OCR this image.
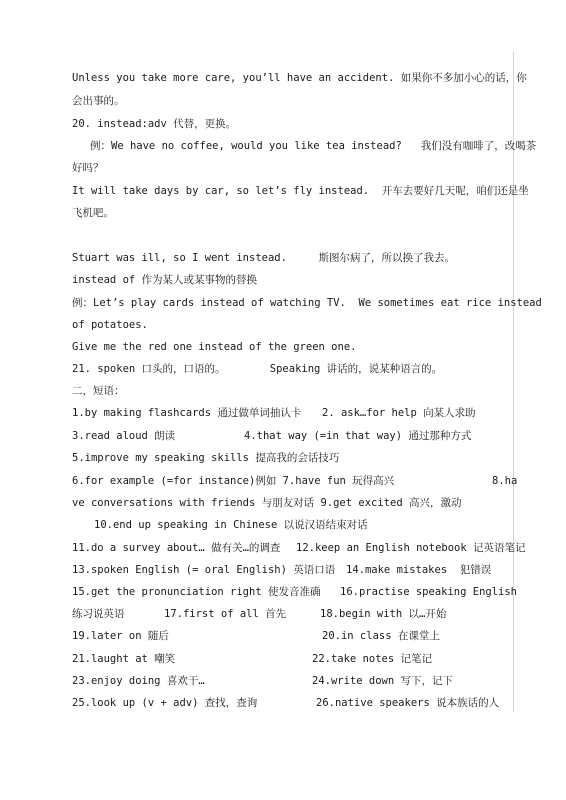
Unless you take more care, you’ll have an accident. 如果你不多加小心的话，你
会出事的。
20. instead:adv 代替，更换。
例：We have no coffee, would you like tea instead?   我们没有咖啡了，改喝茶
好吗？
It will take days by car, so let’s fly instead.  开车去要好几天呢，咱们还是坐
飞机吧。
Stuart was ill, so I went instead.     斯图尔病了，所以换了我去。
instead of 作为某人或某事物的替换
例：Let’s play cards instead of watching TV.  We sometimes eat rice instead
of potatoes.
Give me the red one instead of the green one.
21. spoken 口头的，口语的。       Speaking 讲话的，说某种语言的。
二，短语：
1.by making flashcards 通过做单词抽认卡 2. ask…for help 向某人求助
3.read aloud 朗读	4.that way (=in that way) 通过那种方式
5.improve my speaking skills 提高我的会话技巧
6.for example (=for instance)例如 7.have fun 玩得高兴	8.ha
ve conversations with friends 与朋友对话 9.get excited 高兴，激动
10.end up speaking in Chinese 以说汉语结束对话
11.do a survey about… 做有关…的调查 12.keep an English notebook 记英语笔记
13.spoken English (= oral English) 英语口语 14.make mistakes  犯错误
15.get the pronunciation right 使发音准确 16.practise speaking English
练习说英语	17.first of all 首先	18.begin with 以…开始
19.later on 随后	20.in class 在课堂上
21.laught at 嘲笑	22.take notes 记笔记
23.enjoy doing 喜欢干…	24.write down 写下，记下
25.look up (v + adv) 查找，查询	26.native speakers 说本族话的人
